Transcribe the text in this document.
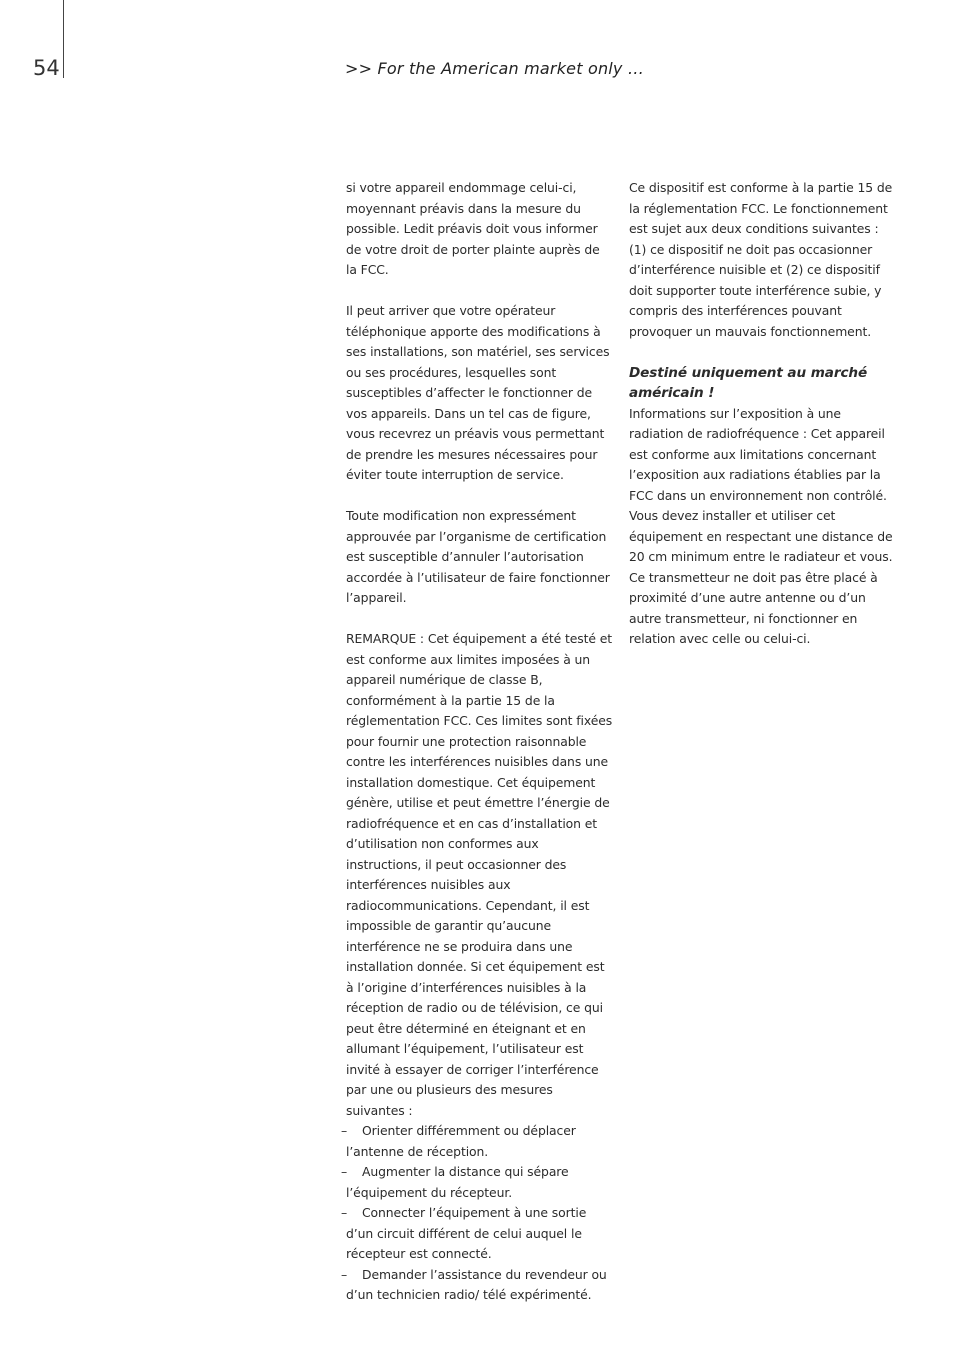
54	>> For the American market only …

si votre appareil endommage celui-ci, moyennant préavis dans la mesure du possible. Ledit préavis doit vous informer de votre droit de porter plainte auprès de la FCC.

Il peut arriver que votre opérateur téléphonique apporte des modifications à ses installations, son matériel, ses services ou ses procédures, lesquelles sont susceptibles d’affecter le fonctionner de vos appareils. Dans un tel cas de figure, vous recevrez un préavis vous permettant de prendre les mesures nécessaires pour éviter toute interruption de service.

Toute modification non expressément approuvée par l’organisme de certification est susceptible d’annuler l’autorisation accordée à l’utilisateur de faire fonctionner l’appareil.

REMARQUE : Cet équipement a été testé et est conforme aux limites imposées à un appareil numérique de classe B, conformément à la partie 15 de la réglementation FCC. Ces limites sont fixées pour fournir une protection raisonnable contre les interférences nuisibles dans une installation domestique. Cet équipement génère, utilise et peut émettre l’énergie de radiofréquence et en cas d’installation et d’utilisation non conformes aux instructions, il peut occasionner des interférences nuisibles aux radiocommunications. Cependant, il est impossible de garantir qu’aucune interférence ne se produira dans une installation donnée. Si cet équipement est à l’origine d’interférences nuisibles à la réception de radio ou de télévision, ce qui peut être déterminé en éteignant et en allumant l’équipement, l’utilisateur est invité à essayer de corriger l’interférence par une ou plusieurs des mesures suivantes :

–	Orienter différemment ou déplacer l’antenne de réception.
–	Augmenter la distance qui sépare l’équipement du récepteur.
–	Connecter l’équipement à une sortie d’un circuit différent de celui auquel le récepteur est connecté.
–	Demander l’assistance du revendeur ou d’un technicien radio/ télé expérimenté.

Ce dispositif est conforme à la partie 15 de la réglementation FCC. Le fonctionnement est sujet aux deux conditions suivantes : (1) ce dispositif ne doit pas occasionner d’interférence nuisible et (2) ce dispositif doit supporter toute interférence subie, y compris des interférences pouvant provoquer un mauvais fonctionnement.

Destiné uniquement au marché américain !

Informations sur l’exposition à une radiation de radiofréquence : Cet appareil est conforme aux limitations concernant l’exposition aux radiations établies par la FCC dans un environnement non contrôlé. Vous devez installer et utiliser cet équipement en respectant une distance de 20 cm minimum entre le radiateur et vous. Ce transmetteur ne doit pas être placé à proximité d’une autre antenne ou d’un autre transmetteur, ni fonctionner en relation avec celle ou celui-ci.
